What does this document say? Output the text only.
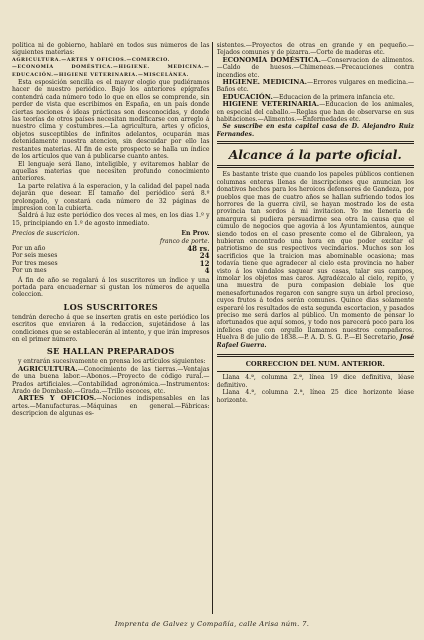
política ni de gobierno, hablaré en todos sus números de las siguientes materias:

AGRICULTURA.—ARTES Y OFICIOS.—COMERCIO.

—ECONOMÍA DOMÉSTICA.—HIGIENE. MEDICINA.—EDUCACIÓN.—HIGIENE VETERINARIA.—MISCELÁNEA.

Esta esposición sencilla es el mayor elogio que pudiéramos hacer de nuestro periódico. Bajo los anteriores epígrafes contendrá cada número todo lo que en ellos se comprende, sin perder de vista que escribimos en España, en un país donde ciertas nociones é ideas prácticas son desconocidas, y donde las teorías de otros países necesitan modificarse con arreglo á nuestro clima y costumbres.—La agricultura, artes y oficios, objetos susceptibles de infinitos adelantos, ocuparán mas detenidamente nuestra atencion, sin descuidar por ello las restantes materias. Al fin de este prospecto se halla un índice de los artículos que van á publicarse cuanto antes.

El lenguaje será llano, inteligible, y evitaremos hablar de aquellas materias que necesiten profundo conocimiento anteriores.

La parte relativa á la esperacion, y la calidad del papel nada dejarán que desear. El tamaño del periódico será 8.º prolongado, y constará cada número de 32 páginas de impresion con la cubierta.

Saldrá á luz este periódico dos veces al mes, en los dias 1.º y 15, principiando en 1.º de agosto inmediato.

Precios de suscricion.	En Prov.
franco de porte.
Por un año	48 rs.
Por seis meses	24
Por tres meses	12
Por un mes	4

Á fin de año se regalará á los suscritores un índice y una portada para encuadernar si gustan los números de aquella coleccion.

LOS SUSCRITORES

tendrán derecho á que se inserten gratis en este periódico los escritos que enviaren á la redaccion, sujetándose á las condiciones que se establecerán al intento, y que irán impresos en el primer número.

SE HALLAN PREPARADOS

y entrarán sucesivamente en prensa los artículos siguientes:

AGRICULTURA.—Conocimiento de las tierras.—Ventajas de una buena labor.—Abonos.—Proyecto de código rural.—Prados artificiales.—Contabilidad agronómica.—Instrumentos: Arado de Dombasle.—Grada.—Trillo escoces, etc.

ARTES Y OFICIOS.—Nociones indispensables en las artes.—Manufacturas.—Máquinas en general.—Fábricas: descripcion de algunas es-

sistentes.—Proyectos de otras en grande y en pequeño.—Tejados comunes y de pizarra.—Corte de maderas etc.

ECONOMÍA DOMÉSTICA.—Conservacion de alimentos.—Caldo de huesos.—Chimeneas.—Precauciones contra incendios etc.

HIGIENE. MEDICINA.—Errores vulgares en medicina.—Baños etc.

EDUCACIÓN.—Educacion de la primera infancia etc.

HIGIENE VETERINARIA.—Educacion de los animales, en especial del caballo.—Reglas que han de observarse en sus habitaciones.—Alimentos.—Enfermedades etc.

Se suscribe en esta capital casa de D. Alejandro Ruiz Fernandes.

Alcance á la parte oficial.

Es bastante triste que cuando los papeles públicos contienen columnas enteras llenas de inscripciones que anuncian los donativos hechos para los heroicos defensores de Gandeza, por pueblos que mas de cuatro años se hallan sufriendo todos los horrores de la guerra civil, se hayan mostrado los de esta provincia tan sordos á mi invitacion. Yo me lleneria de amargura si pudiera persuadirme sea otra la causa que el cúmulo de negocios que agovia á los Ayuntamientos, aunque siendo todos en el caso presente como el de Gibraleon, ya hubieran encontrado una hora en que poder excitar el patriotismo de sus respectivos vecindarios. Muchos son los sacrificios que la traicion mas abominable ocasiona; mas todavía tiene que agradecer al cielo esta provincia no haber visto á los vándalos saquear sus casas, talar sus campos, inmolar los objetos mas caros. Agradézcalo al cielo, repito, y una muestra de pura compasion debiale los que menesafortunados regaron con sangre suya un árbol precioso, cuyos frutos á todos serán comunes. Quince dias solamente esperaré los resultados de esta segunda escortacion, y pasados preciso me será darlos al público. Un momento de pensar lo afortunados que aquí somos, y todo nos parecerá poco para los infelices que con orgullo llamamos nuestros compañeros. Huelva 8 de julio de 1838.—P. A. D. S. G. P.—El Secretario, José Rafael Guerra.

CORRECCION DEL NUM. ANTERIOR.

Llana 4.ª, columna 2.ª, línea 19 dice definitiva, léase definitivo.

Llana 4.ª, columna 2.ª, línea 25 dice horizonte léase horizonte.

Imprenta de Galvez y Compañía, calle Arisa núm. 7.
